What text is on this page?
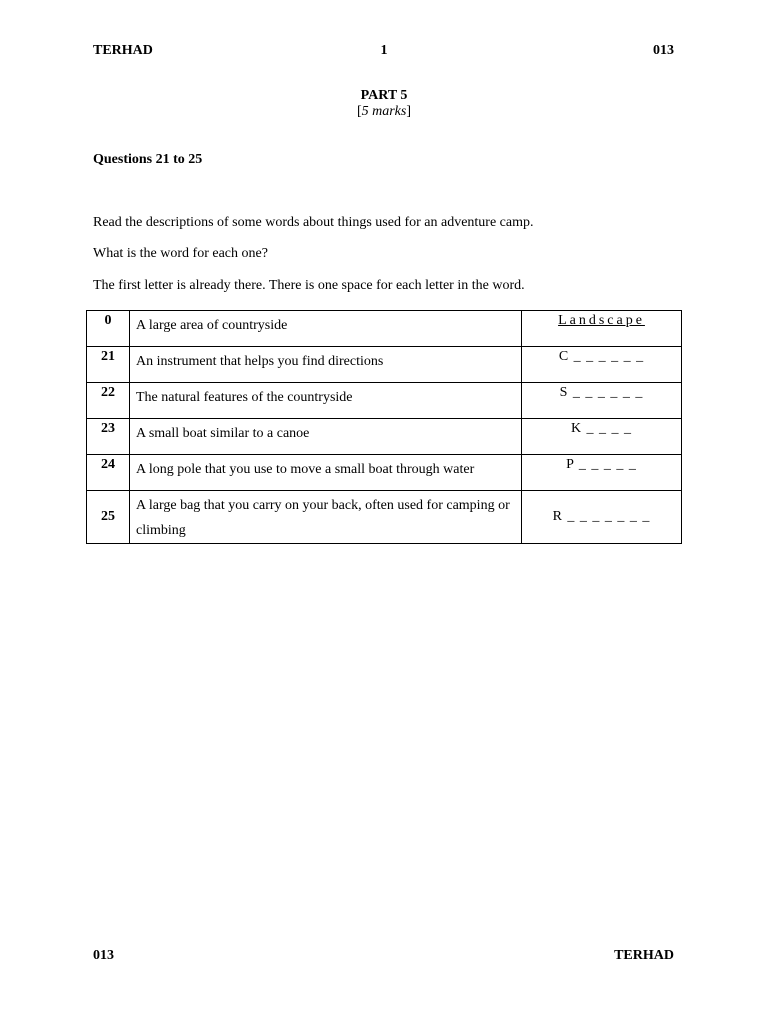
TERHAD	1	013
PART 5
[5 marks]
Questions 21 to 25
Read the descriptions of some words about things used for an adventure camp.
What is the word for each one?
The first letter is already there. There is one space for each letter in the word.
0	A large area of countryside	Landscape
21	An instrument that helps you find directions	C _ _ _ _ _ _
22	The natural features of the countryside	S _ _ _ _ _ _
23	A small boat similar to a canoe	K _ _ _ _
24	A long pole that you use to move a small boat through water	P _ _ _ _ _
25	A large bag that you carry on your back, often used for camping or climbing	R _ _ _ _ _ _ _
013	TERHAD
